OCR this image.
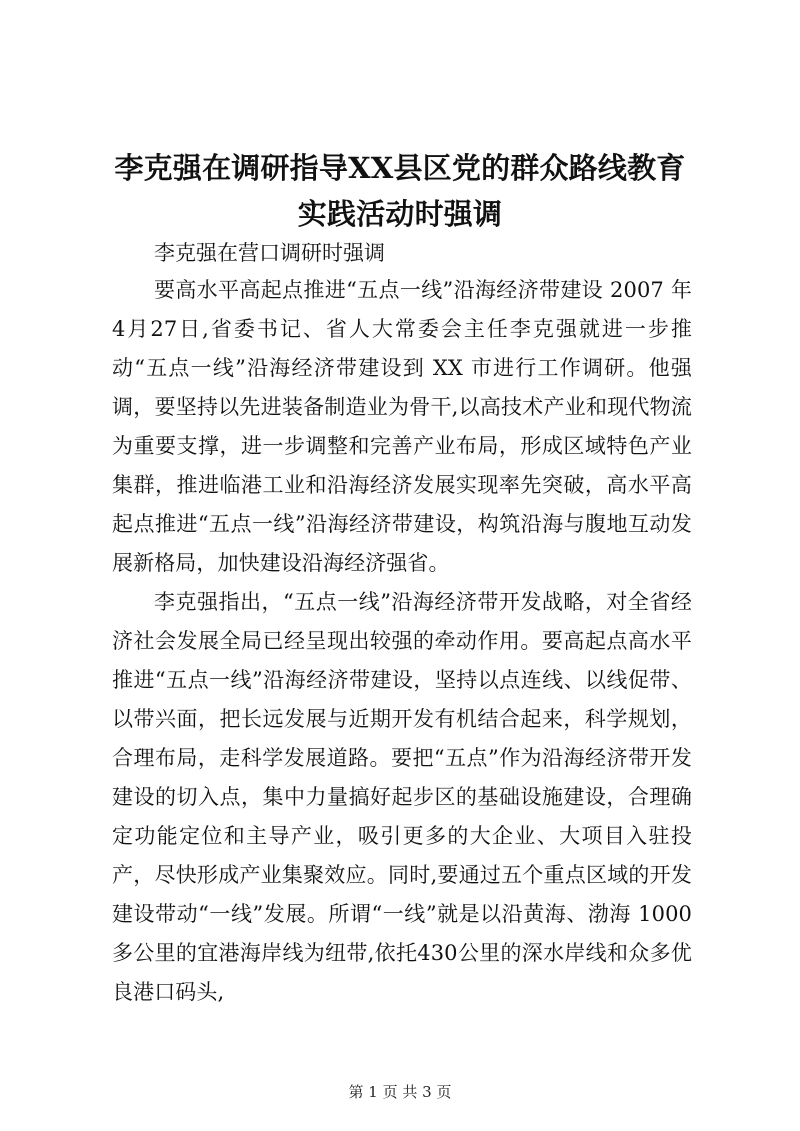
李克强在调研指导XX县区党的群众路线教育
实践活动时强调
李克强在营口调研时强调
要高水平高起点推进“五点一线”沿海经济带建设 2007 年4月27日,省委书记、省人大常委会主任李克强就进一步推动“五点一线”沿海经济带建设到 XX 市进行工作调研。他强调，要坚持以先进装备制造业为骨干,以高技术产业和现代物流为重要支撑，进一步调整和完善产业布局，形成区域特色产业集群，推进临港工业和沿海经济发展实现率先突破，高水平高起点推进“五点一线”沿海经济带建设，构筑沿海与腹地互动发展新格局，加快建设沿海经济强省。
李克强指出，“五点一线”沿海经济带开发战略，对全省经济社会发展全局已经呈现出较强的牵动作用。要高起点高水平推进“五点一线”沿海经济带建设，坚持以点连线、以线促带、以带兴面，把长远发展与近期开发有机结合起来，科学规划，合理布局，走科学发展道路。要把“五点”作为沿海经济带开发建设的切入点，集中力量搞好起步区的基础设施建设，合理确定功能定位和主导产业，吸引更多的大企业、大项目入驻投产，尽快形成产业集聚效应。同时,要通过五个重点区域的开发建设带动“一线”发展。所谓“一线”就是以沿黄海、渤海 1000 多公里的宜港海岸线为纽带,依托430公里的深水岸线和众多优良港口码头,
第 1 页 共 3 页
